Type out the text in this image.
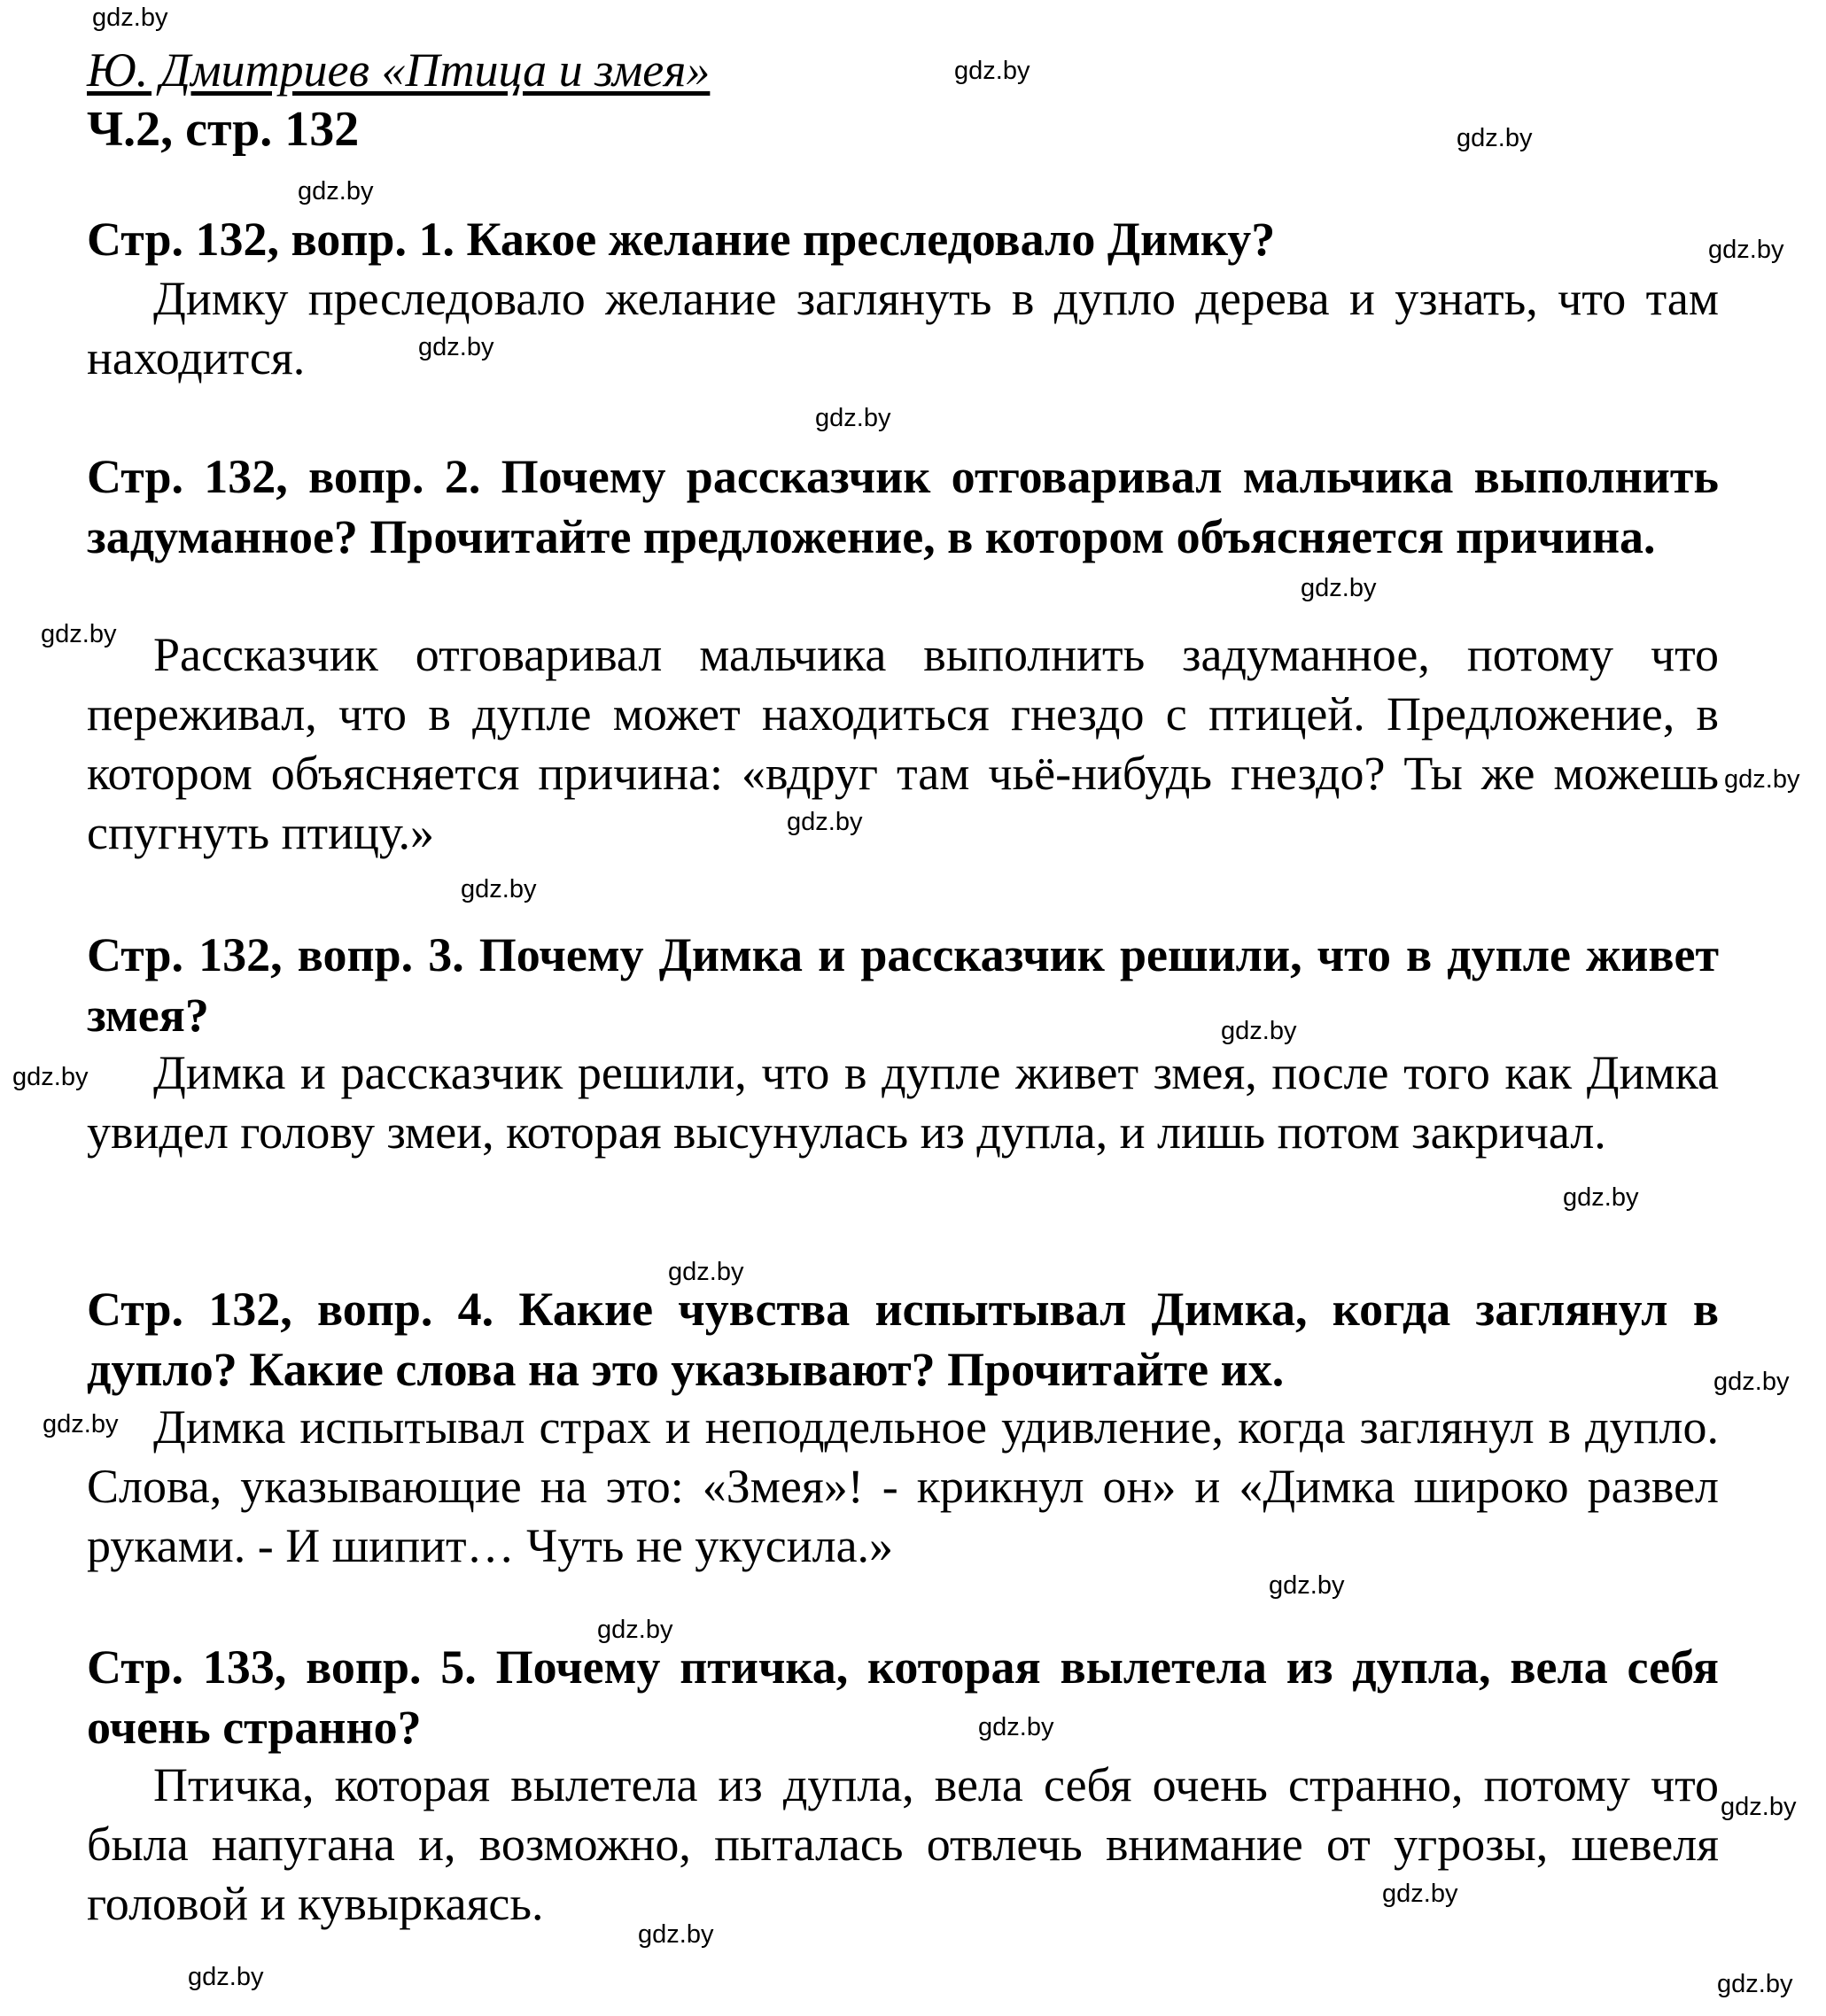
Ю. Дмитриев «Птица и змея»
Ч.2, стр. 132
Стр. 132, вопр. 1. Какое желание преследовало Димку?
Димку преследовало желание заглянуть в дупло дерева и узнать, что там находится.
Стр. 132, вопр. 2. Почему рассказчик отговаривал мальчика выполнить задуманное? Прочитайте предложение, в котором объясняется причина.
Рассказчик отговаривал мальчика выполнить задуманное, потому что переживал, что в дупле может находиться гнездо с птицей. Предложение, в котором объясняется причина: «вдруг там чьё-нибудь гнездо? Ты же можешь спугнуть птицу.»
Стр. 132, вопр. 3. Почему Димка и рассказчик решили, что в дупле живет змея?
Димка и рассказчик решили, что в дупле живет змея, после того как Димка увидел голову змеи, которая высунулась из дупла, и лишь потом закричал.
Стр. 132, вопр. 4. Какие чувства испытывал Димка, когда заглянул в дупло? Какие слова на это указывают? Прочитайте их.
Димка испытывал страх и неподдельное удивление, когда заглянул в дупло. Слова, указывающие на это: «Змея»! - крикнул он» и «Димка широко развел руками. - И шипит… Чуть не укусила.»
Стр. 133, вопр. 5. Почему птичка, которая вылетела из дупла, вела себя очень странно?
Птичка, которая вылетела из дупла, вела себя очень странно, потому что была напугана и, возможно, пыталась отвлечь внимание от угрозы, шевеля головой и кувыркаясь.
gdz.by
gdz.by
gdz.by
gdz.by
gdz.by
gdz.by
gdz.by
gdz.by
gdz.by
gdz.by
gdz.by
gdz.by
gdz.by
gdz.by
gdz.by
gdz.by
gdz.by
gdz.by
gdz.by
gdz.by
gdz.by
gdz.by
gdz.by
gdz.by
gdz.by	gdz.by
